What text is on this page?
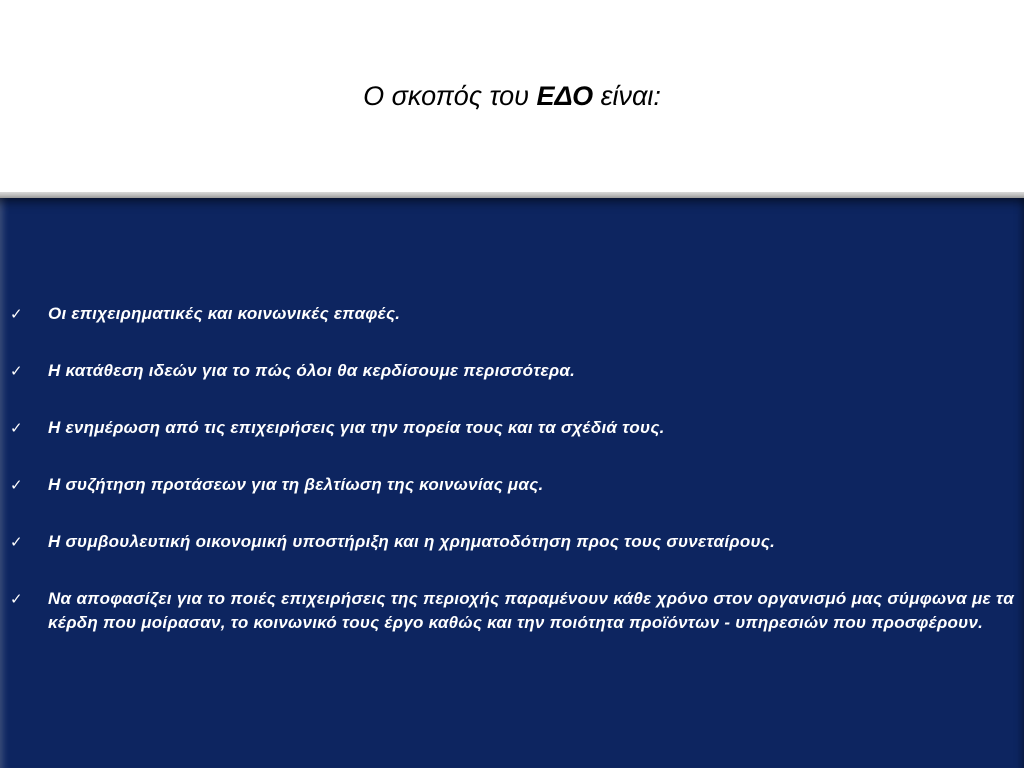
Ο σκοπός του ΕΔΟ είναι:
✓	Οι επιχειρηματικές και κοινωνικές επαφές.
✓	Η κατάθεση ιδεών για το πώς όλοι θα κερδίσουμε περισσότερα.
✓	Η ενημέρωση από τις επιχειρήσεις για την πορεία τους και τα σχέδιά τους.
✓	Η συζήτηση προτάσεων για τη βελτίωση της κοινωνίας μας.
✓	Η συμβουλευτική οικονομική υποστήριξη και η χρηματοδότηση προς τους συνεταίρους.
✓	Να αποφασίζει για το ποιές επιχειρήσεις της περιοχής παραμένουν κάθε χρόνο στον οργανισμό μας σύμφωνα με τα κέρδη που μοίρασαν, το κοινωνικό τους έργο καθώς και την ποιότητα προϊόντων - υπηρεσιών που προσφέρουν.
